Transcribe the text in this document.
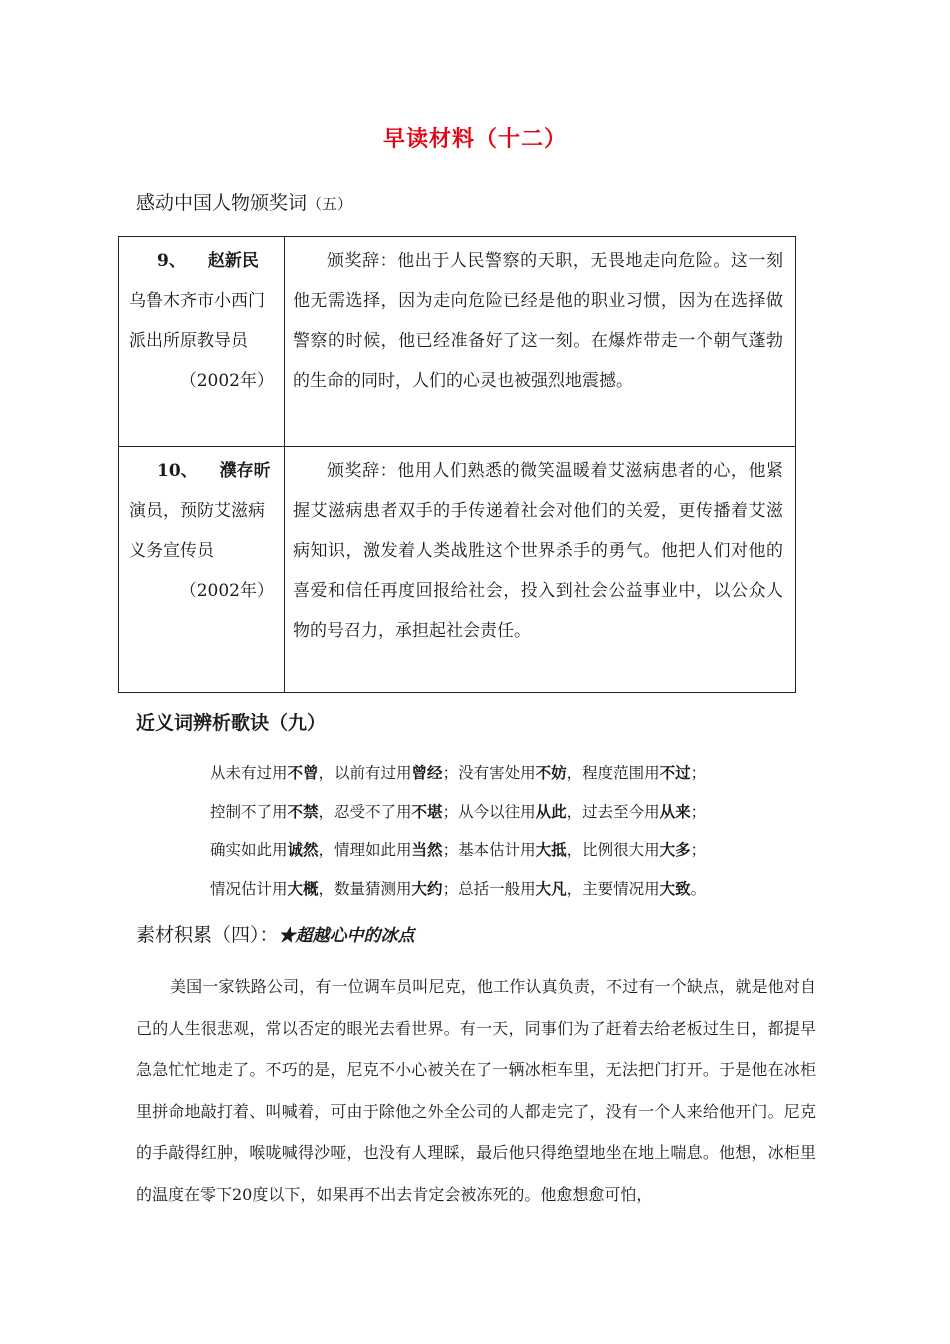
早读材料（十二）
感动中国人物颁奖词（五）
9、 赵新民
乌鲁木齐市小西门派出所原教导员
（2002年）	颁奖辞：他出于人民警察的天职，无畏地走向危险。这一刻他无需选择，因为走向危险已经是他的职业习惯，因为在选择做警察的时候，他已经准备好了这一刻。在爆炸带走一个朝气蓬勃的生命的同时，人们的心灵也被强烈地震撼。

10、 濮存昕
演员，预防艾滋病义务宣传员
（2002年）	颁奖辞：他用人们熟悉的微笑温暖着艾滋病患者的心，他紧握艾滋病患者双手的手传递着社会对他们的关爱，更传播着艾滋病知识，激发着人类战胜这个世界杀手的勇气。他把人们对他的喜爱和信任再度回报给社会，投入到社会公益事业中，以公众人物的号召力，承担起社会责任。
近义词辨析歌诀（九）
从未有过用不曾，以前有过用曾经；没有害处用不妨，程度范围用不过；
控制不了用不禁，忍受不了用不堪；从今以往用从此，过去至今用从来；
确实如此用诚然，情理如此用当然；基本估计用大抵，比例很大用大多；
情况估计用大概，数量猜测用大约；总括一般用大凡，主要情况用大致。
素材积累（四）：★超越心中的冰点

美国一家铁路公司，有一位调车员叫尼克，他工作认真负责，不过有一个缺点，就是他对自己的人生很悲观，常以否定的眼光去看世界。有一天，同事们为了赶着去给老板过生日，都提早急急忙忙地走了。不巧的是，尼克不小心被关在了一辆冰柜车里，无法把门打开。于是他在冰柜里拼命地敲打着、叫喊着，可由于除他之外全公司的人都走完了，没有一个人来给他开门。尼克的手敲得红肿，喉咙喊得沙哑，也没有人理睬，最后他只得绝望地坐在地上喘息。他想，冰柜里的温度在零下20度以下，如果再不出去肯定会被冻死的。他愈想愈可怕，
